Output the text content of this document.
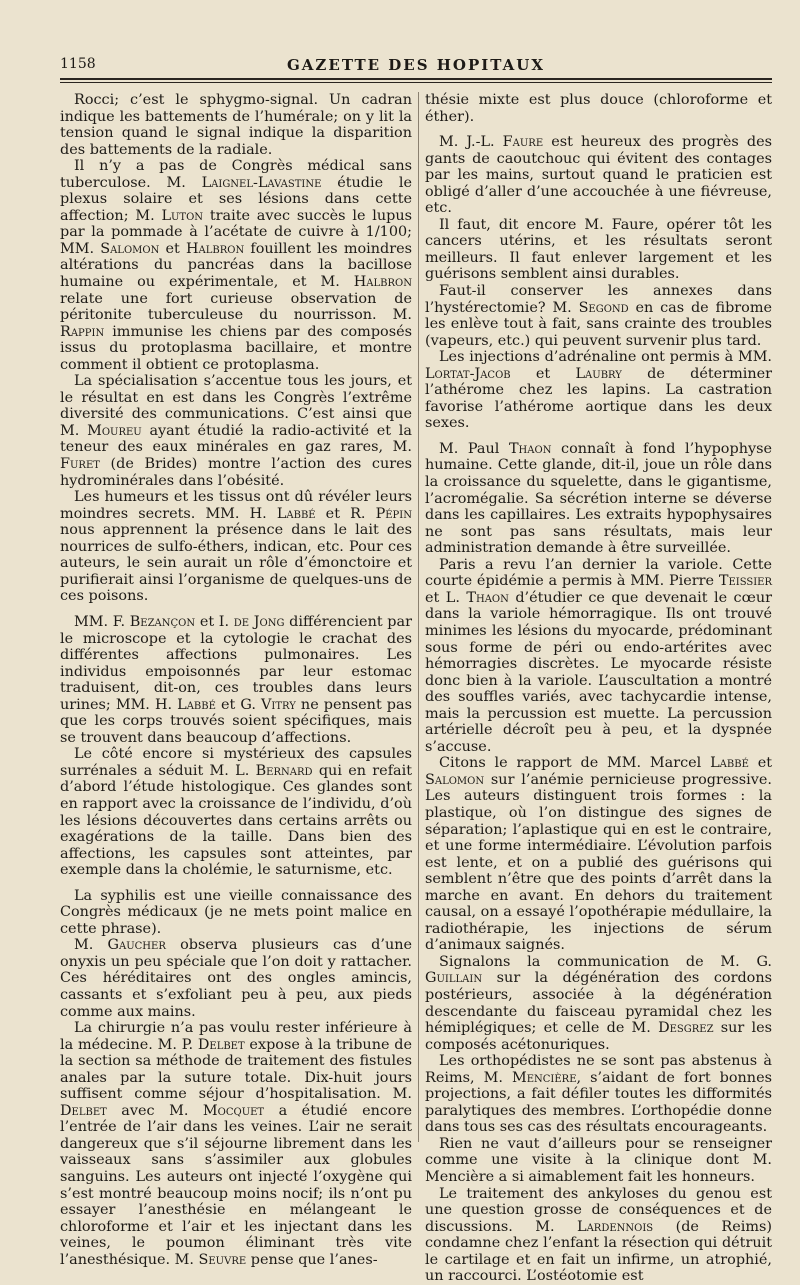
1158	GAZETTE DES HOPITAUX

Rocci; c’est le sphygmo-signal. Un cadran indique les battements de l’humérale; on y lit la tension quand le signal indique la disparition des battements de la radiale.

Il n’y a pas de Congrès médical sans tuberculose. M. Laignel-Lavastine étudie le plexus solaire et ses lésions dans cette affection; M. Luton traite avec succès le lupus par la pommade à l’acétate de cuivre à 1/100; MM. Salomon et Halbron fouillent les moindres altérations du pancréas dans la bacillose humaine ou expérimentale, et M. Halbron relate une fort curieuse observation de péritonite tuberculeuse du nourrisson. M. Rappin immunise les chiens par des composés issus du protoplasma bacillaire, et montre comment il obtient ce protoplasma.

La spécialisation s’accentue tous les jours, et le résultat en est dans les Congrès l’extrême diversité des communications. C’est ainsi que M. Moureu ayant étudié la radio-activité et la teneur des eaux minérales en gaz rares, M. Furet (de Brides) montre l’action des cures hydrominérales dans l’obésité.

Les humeurs et les tissus ont dû révéler leurs moindres secrets. MM. H. Labbé et R. Pépin nous apprennent la présence dans le lait des nourrices de sulfo-éthers, indican, etc. Pour ces auteurs, le sein aurait un rôle d’émonctoire et purifierait ainsi l’organisme de quelques-uns de ces poisons.

MM. F. Bezançon et I. de Jong différencient par le microscope et la cytologie le crachat des différentes affections pulmonaires. Les individus empoisonnés par leur estomac traduisent, dit-on, ces troubles dans leurs urines; MM. H. Labbé et G. Vitry ne pensent pas que les corps trouvés soient spécifiques, mais se trouvent dans beaucoup d’affections.

Le côté encore si mystérieux des capsules surrénales a séduit M. L. Bernard qui en refait d’abord l’étude histologique. Ces glandes sont en rapport avec la croissance de l’individu, d’où les lésions découvertes dans certains arrêts ou exagérations de la taille. Dans bien des affections, les capsules sont atteintes, par exemple dans la cholémie, le saturnisme, etc.

La syphilis est une vieille connaissance des Congrès médicaux (je ne mets point malice en cette phrase).

M. Gaucher observa plusieurs cas d’une onyxis un peu spéciale que l’on doit y rattacher. Ces héréditaires ont des ongles amincis, cassants et s’exfoliant peu à peu, aux pieds comme aux mains.

La chirurgie n’a pas voulu rester inférieure à la médecine. M. P. Delbet expose à la tribune de la section sa méthode de traitement des fistules anales par la suture totale. Dix-huit jours suffisent comme séjour d’hospitalisation. M. Delbet avec M. Mocquet a étudié encore l’entrée de l’air dans les veines. L’air ne serait dangereux que s’il séjourne librement dans les vaisseaux sans s’assimiler aux globules sanguins. Les auteurs ont injecté l’oxygène qui s’est montré beaucoup moins nocif; ils n’ont pu essayer l’anesthésie en mélangeant le chloroforme et l’air et les injectant dans les veines, le poumon éliminant très vite l’anesthésique. M. Seuvre pense que l’anes-

thésie mixte est plus douce (chloroforme et éther).

M. J.-L. Faure est heureux des progrès des gants de caoutchouc qui évitent des contages par les mains, surtout quand le praticien est obligé d’aller d’une accouchée à une fiévreuse, etc.

Il faut, dit encore M. Faure, opérer tôt les cancers utérins, et les résultats seront meilleurs. Il faut enlever largement et les guérisons semblent ainsi durables.

Faut-il conserver les annexes dans l’hystérectomie? M. Segond en cas de fibrome les enlève tout à fait, sans crainte des troubles (vapeurs, etc.) qui peuvent survenir plus tard.

Les injections d’adrénaline ont permis à MM. Lortat-Jacob et Laubry de déterminer l’athérome chez les lapins. La castration favorise l’athérome aortique dans les deux sexes.

M. Paul Thaon connaît à fond l’hypophyse humaine. Cette glande, dit-il, joue un rôle dans la croissance du squelette, dans le gigantisme, l’acromégalie. Sa sécrétion interne se déverse dans les capillaires. Les extraits hypophysaires ne sont pas sans résultats, mais leur administration demande à être surveillée.

Paris a revu l’an dernier la variole. Cette courte épidémie a permis à MM. Pierre Teissier et L. Thaon d’étudier ce que devenait le cœur dans la variole hémorragique. Ils ont trouvé minimes les lésions du myocarde, prédominant sous forme de péri ou endo-artérites avec hémorragies discrètes. Le myocarde résiste donc bien à la variole. L’auscultation a montré des souffles variés, avec tachycardie intense, mais la percussion est muette. La percussion artérielle décroît peu à peu, et la dyspnée s’accuse.

Citons le rapport de MM. Marcel Labbé et Salomon sur l’anémie pernicieuse progressive. Les auteurs distinguent trois formes : la plastique, où l’on distingue des signes de séparation; l’aplastique qui en est le contraire, et une forme intermédiaire. L’évolution parfois est lente, et on a publié des guérisons qui semblent n’être que des points d’arrêt dans la marche en avant. En dehors du traitement causal, on a essayé l’opothérapie médullaire, la radiothérapie, les injections de sérum d’animaux saignés.

Signalons la communication de M. G. Guillain sur la dégénération des cordons postérieurs, associée à la dégénération descendante du faisceau pyramidal chez les hémiplégiques; et celle de M. Desgrez sur les composés acétonuriques.

Les orthopédistes ne se sont pas abstenus à Reims, M. Mencière, s’aidant de fort bonnes projections, a fait défiler toutes les difformités paralytiques des membres. L’orthopédie donne dans tous ses cas des résultats encourageants.

Rien ne vaut d’ailleurs pour se renseigner comme une visite à la clinique dont M. Mencière a si aimablement fait les honneurs.

Le traitement des ankyloses du genou est une question grosse de conséquences et de discussions. M. Lardennois (de Reims) condamne chez l’enfant la résection qui détruit le cartilage et en fait un infirme, un atrophié, un raccourci. L’ostéotomie est
